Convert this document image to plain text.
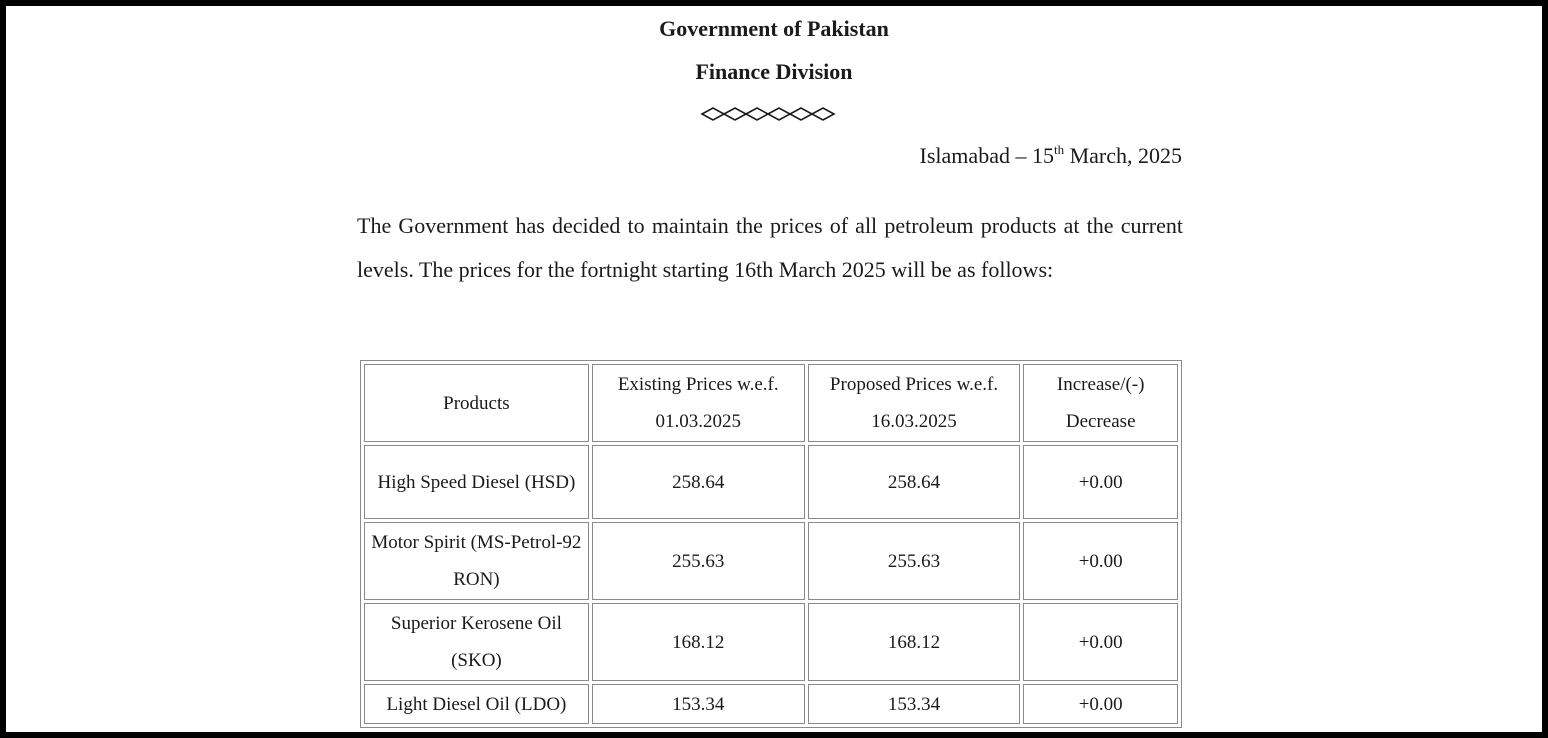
Government of Pakistan
Finance Division
Islamabad – 15th March, 2025

The Government has decided to maintain the prices of all petroleum products at the current levels. The prices for the fortnight starting 16th March 2025 will be as follows:

Products	Existing Prices w.e.f. 01.03.2025	Proposed Prices w.e.f. 16.03.2025	Increase/(-) Decrease
High Speed Diesel (HSD)	258.64	258.64	+0.00
Motor Spirit (MS-Petrol-92 RON)	255.63	255.63	+0.00
Superior Kerosene Oil (SKO)	168.12	168.12	+0.00
Light Diesel Oil (LDO)	153.34	153.34	+0.00
